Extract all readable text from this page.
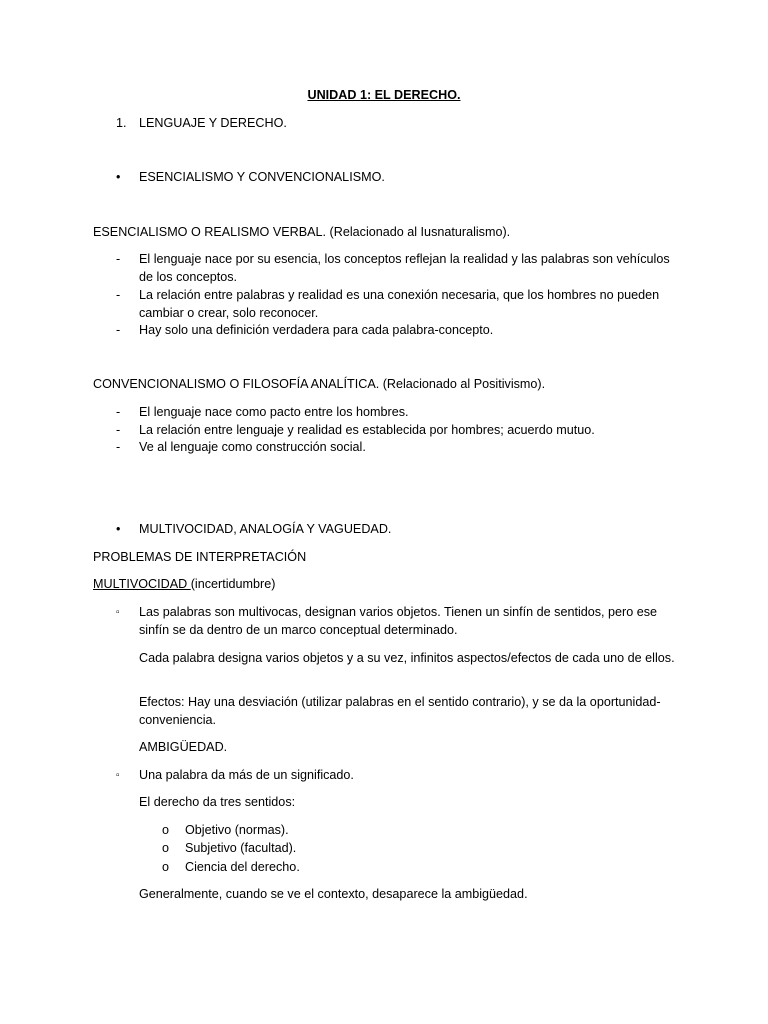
UNIDAD 1: EL DERECHO.
1. LENGUAJE Y DERECHO.
• ESENCIALISMO Y CONVENCIONALISMO.
ESENCIALISMO O REALISMO VERBAL. (Relacionado al Iusnaturalismo).
- El lenguaje nace por su esencia, los conceptos reflejan la realidad y las palabras son vehículos de los conceptos.
- La relación entre palabras y realidad es una conexión necesaria, que los hombres no pueden cambiar o crear, solo reconocer.
- Hay solo una definición verdadera para cada palabra-concepto.
CONVENCIONALISMO O FILOSOFÍA ANALÍTICA. (Relacionado al Positivismo).
- El lenguaje nace como pacto entre los hombres.
- La relación entre lenguaje y realidad es establecida por hombres; acuerdo mutuo.
- Ve al lenguaje como construcción social.
• MULTIVOCIDAD, ANALOGÍA Y VAGUEDAD.
PROBLEMAS DE INTERPRETACIÓN
MULTIVOCIDAD (incertidumbre)
▫ Las palabras son multivocas, designan varios objetos. Tienen un sinfín de sentidos, pero ese sinfín se da dentro de un marco conceptual determinado.
Cada palabra designa varios objetos y a su vez, infinitos aspectos/efectos de cada uno de ellos.
Efectos: Hay una desviación (utilizar palabras en el sentido contrario), y se da la oportunidad-conveniencia.
AMBIGÜEDAD.
▫ Una palabra da más de un significado.
El derecho da tres sentidos:
o Objetivo (normas).
o Subjetivo (facultad).
o Ciencia del derecho.
Generalmente, cuando se ve el contexto, desaparece la ambigüedad.
